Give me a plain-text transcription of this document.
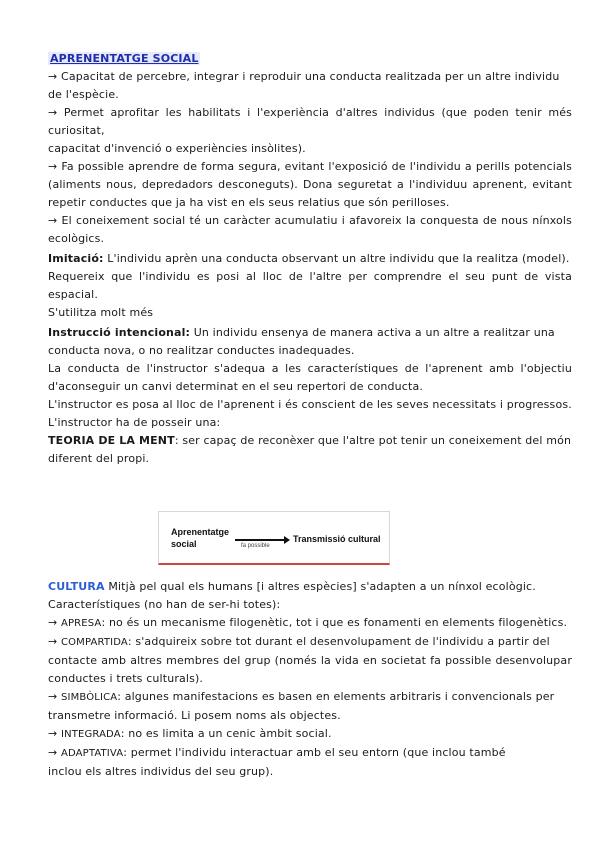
APRENENTATGE SOCIAL
→ Capacitat de percebre, integrar i reproduir una conducta realitzada per un altre individu
de l'espècie.
→ Permet aprofitar les habilitats i l'experiència d'altres individus (que poden tenir més curiositat,
capacitat d'invenció o experiències insòlites).
→ Fa possible aprendre de forma segura, evitant l'exposició de l'individu a perills potencials
(aliments nous, depredadors desconeguts). Dona seguretat a l'individuu aprenent, evitant
repetir conductes que ja ha vist en els seus relatius que són perilloses.
→ El coneixement social té un caràcter acumulatiu i afavoreix la conquesta de nous nínxols
ecològics.
Imitació: L'individu aprèn una conducta observant un altre individu que la realitza (model).
Requereix que l'individu es posi al lloc de l'altre per comprendre el seu punt de vista espacial.
S'utilitza molt més
Instrucció intencional: Un individu ensenya de manera activa a un altre a realitzar una
conducta nova, o no realitzar conductes inadequades.
La conducta de l'instructor s'adequa a les característiques de l'aprenent amb l'objectiu
d'aconseguir un canvi determinat en el seu repertori de conducta.
L'instructor es posa al lloc de l'aprenent i és conscient de les seves necessitats i progressos.
L'instructor ha de posseir una:
TEORIA DE LA MENT: ser capaç de reconèxer que l'altre pot tenir un coneixement del món
diferent del propi.
Aprenentatge
social	fa possible
Transmissió cultural
CULTURA Mitjà pel qual els humans [i altres espècies] s'adapten a un nínxol ecològic.
Característiques (no han de ser-hi totes):
→ APRESA: no és un mecanisme filogenètic, tot i que es fonamenti en elements filogenètics.
→ COMPARTIDA: s'adquireix sobre tot durant el desenvolupament de l'individu a partir del
contacte amb altres membres del grup (només la vida en societat fa possible desenvolupar
conductes i trets culturals).
→ SIMBÒLICA: algunes manifestacions es basen en elements arbitraris i convencionals per
transmetre informació. Li posem noms als objectes.
→ INTEGRADA: no es limita a un cenic àmbit social.
→ ADAPTATIVA: permet l'individu interactuar amb el seu entorn (que inclou també
inclou els altres individus del seu grup).
